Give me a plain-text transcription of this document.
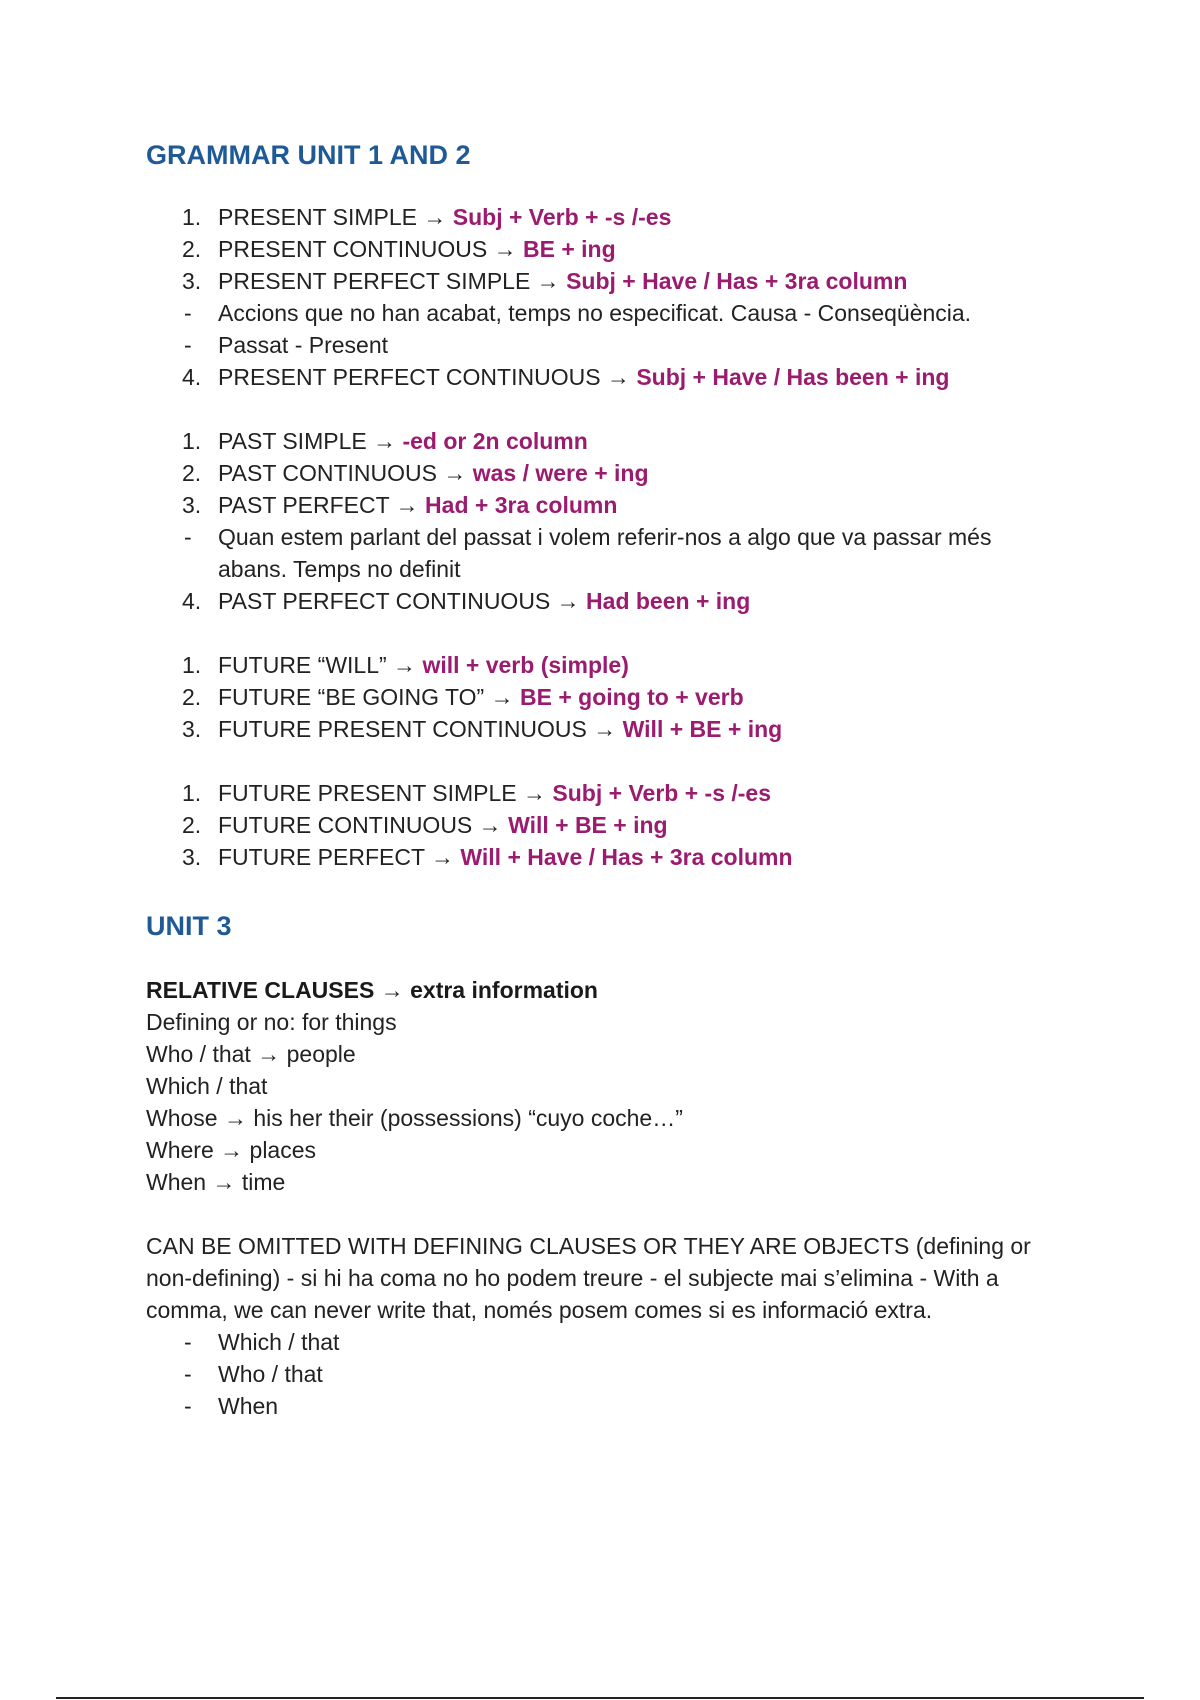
GRAMMAR UNIT 1 AND 2
1. PRESENT SIMPLE → Subj + Verb + -s /-es
2. PRESENT CONTINUOUS → BE + ing
3. PRESENT PERFECT SIMPLE → Subj + Have / Has + 3ra column
-	Accions que no han acabat, temps no especificat. Causa - Conseqüència.
-	Passat - Present
4. PRESENT PERFECT CONTINUOUS → Subj + Have / Has been + ing
1. PAST SIMPLE → -ed or 2n column
2. PAST CONTINUOUS → was / were + ing
3. PAST PERFECT → Had + 3ra column
-	Quan estem parlant del passat i volem referir-nos a algo que va passar més abans. Temps no definit
4. PAST PERFECT CONTINUOUS → Had been + ing
1. FUTURE “WILL” → will + verb (simple)
2. FUTURE “BE GOING TO” → BE + going to + verb
3. FUTURE PRESENT CONTINUOUS → Will + BE + ing
1. FUTURE PRESENT SIMPLE → Subj + Verb + -s /-es
2. FUTURE CONTINUOUS → Will + BE + ing
3. FUTURE PERFECT → Will + Have / Has + 3ra column
UNIT 3
RELATIVE CLAUSES → extra information
Defining or no: for things
Who / that → people
Which / that
Whose → his her their (possessions) “cuyo coche…”
Where → places
When → time
CAN BE OMITTED WITH DEFINING CLAUSES OR THEY ARE OBJECTS (defining or non-defining) - si hi ha coma no ho podem treure - el subjecte mai s’elimina - With a comma, we can never write that, només posem comes si es informació extra.
-	Which / that
-	Who / that
-	When
